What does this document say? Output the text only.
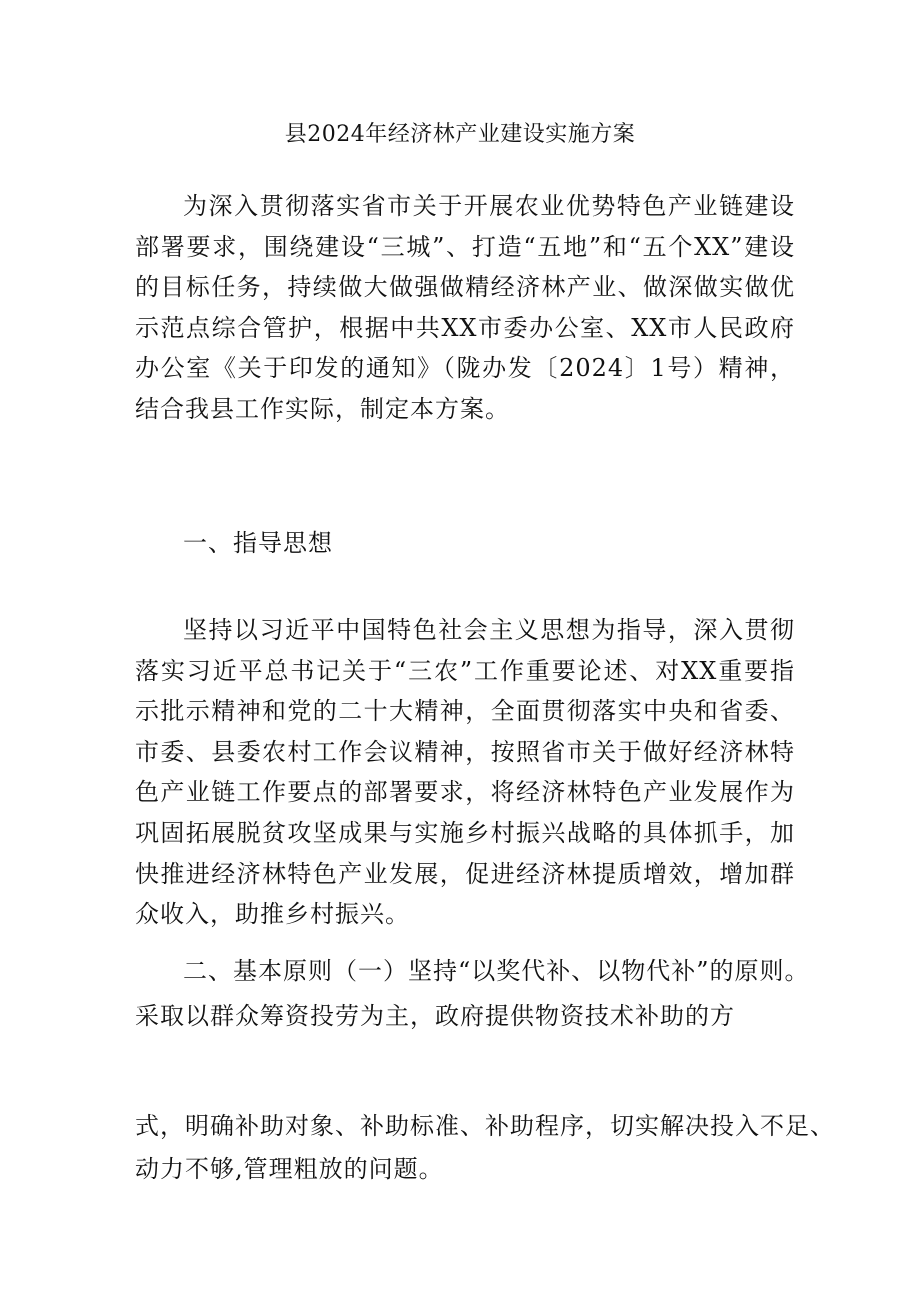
县2024年经济林产业建设实施方案

为深入贯彻落实省市关于开展农业优势特色产业链建设部署要求，围绕建设“三城”、打造“五地”和“五个XX”建设的目标任务，持续做大做强做精经济林产业、做深做实做优示范点综合管护，根据中共XX市委办公室、XX市人民政府办公室《关于印发的通知》（陇办发〔2024〕1号）精神，结合我县工作实际，制定本方案。

一、指导思想

坚持以习近平中国特色社会主义思想为指导，深入贯彻落实习近平总书记关于“三农”工作重要论述、对XX重要指示批示精神和党的二十大精神，全面贯彻落实中央和省委、市委、县委农村工作会议精神，按照省市关于做好经济林特色产业链工作要点的部署要求，将经济林特色产业发展作为巩固拓展脱贫攻坚成果与实施乡村振兴战略的具体抓手，加快推进经济林特色产业发展，促进经济林提质增效，增加群众收入，助推乡村振兴。

二、基本原则（一）坚持“以奖代补、以物代补”的原则。
采取以群众筹资投劳为主，政府提供物资技术补助的方
式，明确补助对象、补助标准、补助程序，切实解决投入不足、
动力不够,管理粗放的问题。
